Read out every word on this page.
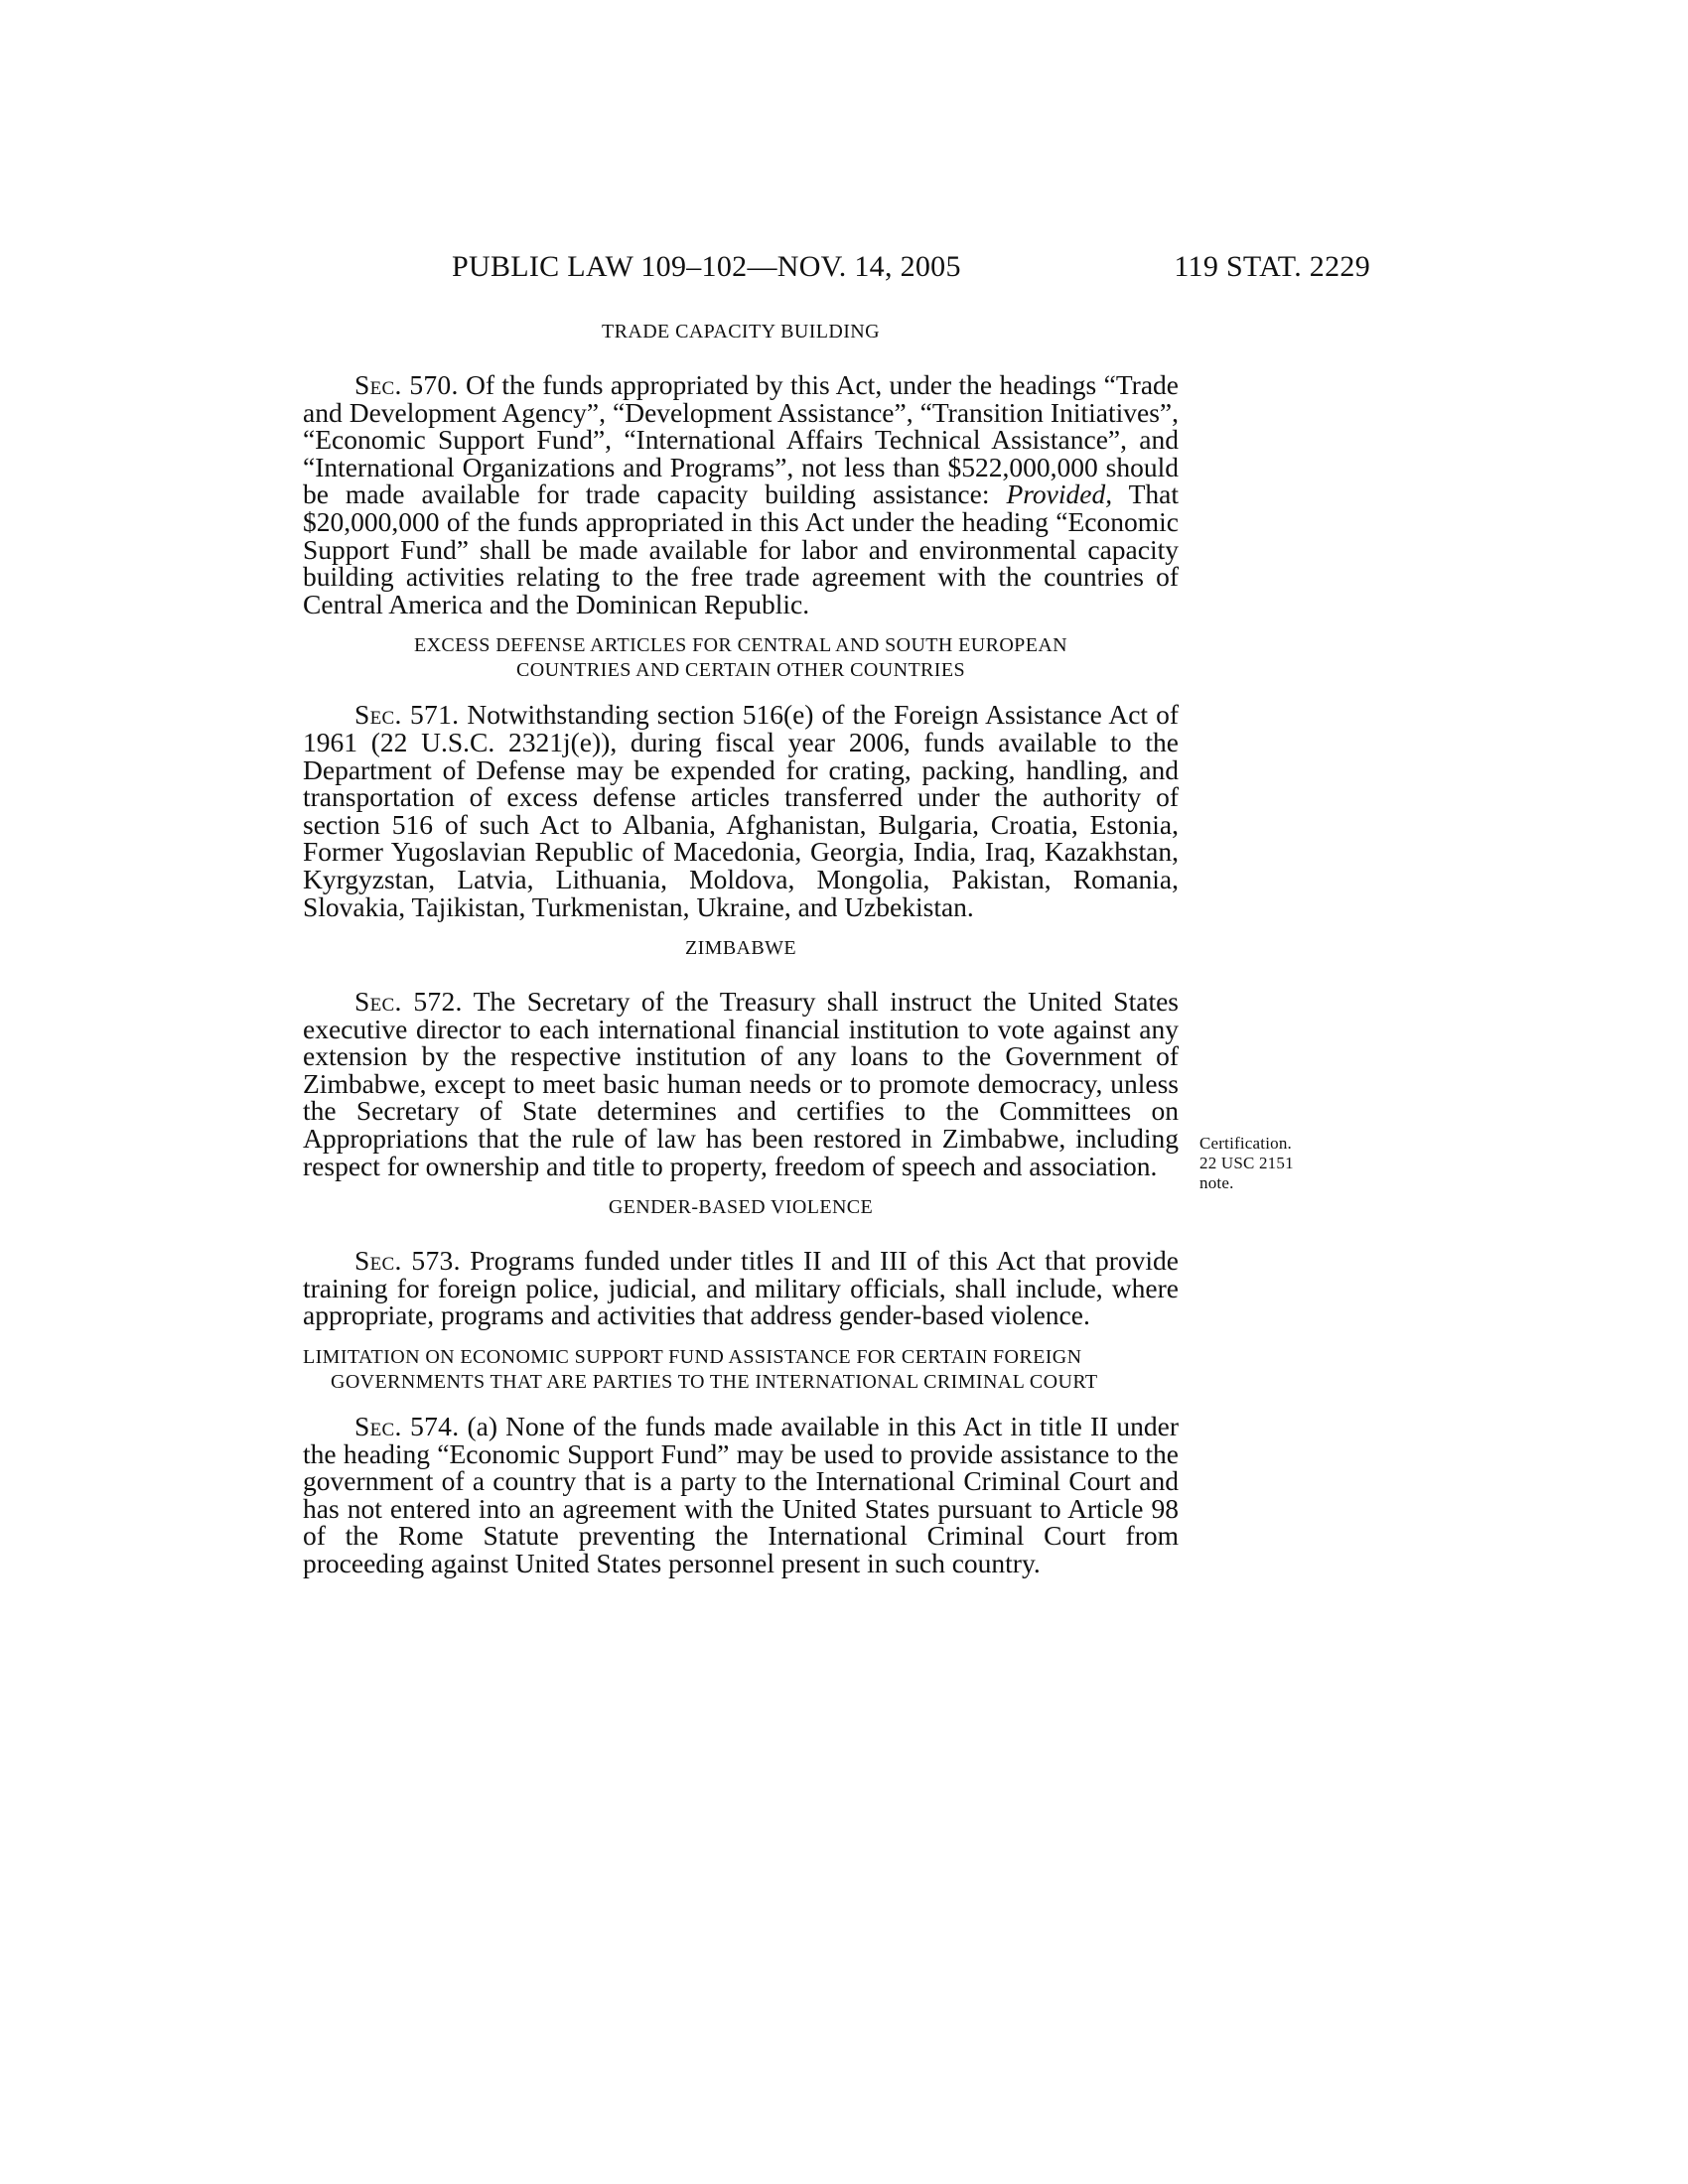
PUBLIC LAW 109–102—NOV. 14, 2005	119 STAT. 2229

TRADE CAPACITY BUILDING

Sec. 570. Of the funds appropriated by this Act, under the headings “Trade and Development Agency”, “Development Assistance”, “Transition Initiatives”, “Economic Support Fund”, “International Affairs Technical Assistance”, and “International Organizations and Programs”, not less than $522,000,000 should be made available for trade capacity building assistance: Provided, That $20,000,000 of the funds appropriated in this Act under the heading “Economic Support Fund” shall be made available for labor and environmental capacity building activities relating to the free trade agreement with the countries of Central America and the Dominican Republic.

EXCESS DEFENSE ARTICLES FOR CENTRAL AND SOUTH EUROPEAN
COUNTRIES AND CERTAIN OTHER COUNTRIES

Sec. 571. Notwithstanding section 516(e) of the Foreign Assistance Act of 1961 (22 U.S.C. 2321j(e)), during fiscal year 2006, funds available to the Department of Defense may be expended for crating, packing, handling, and transportation of excess defense articles transferred under the authority of section 516 of such Act to Albania, Afghanistan, Bulgaria, Croatia, Estonia, Former Yugoslavian Republic of Macedonia, Georgia, India, Iraq, Kazakhstan, Kyrgyzstan, Latvia, Lithuania, Moldova, Mongolia, Pakistan, Romania, Slovakia, Tajikistan, Turkmenistan, Ukraine, and Uzbekistan.

ZIMBABWE

Sec. 572. The Secretary of the Treasury shall instruct the United States executive director to each international financial institution to vote against any extension by the respective institution of any loans to the Government of Zimbabwe, except to meet basic human needs or to promote democracy, unless the Secretary of State determines and certifies to the Committees on Appropriations that the rule of law has been restored in Zimbabwe, including respect for ownership and title to property, freedom of speech and association.

GENDER-BASED VIOLENCE

Sec. 573. Programs funded under titles II and III of this Act that provide training for foreign police, judicial, and military officials, shall include, where appropriate, programs and activities that address gender-based violence.

LIMITATION ON ECONOMIC SUPPORT FUND ASSISTANCE FOR CERTAIN FOREIGN GOVERNMENTS THAT ARE PARTIES TO THE INTERNATIONAL CRIMINAL COURT

Sec. 574. (a) None of the funds made available in this Act in title II under the heading “Economic Support Fund” may be used to provide assistance to the government of a country that is a party to the International Criminal Court and has not entered into an agreement with the United States pursuant to Article 98 of the Rome Statute preventing the International Criminal Court from proceeding against United States personnel present in such country.

Certification.
22 USC 2151
note.
